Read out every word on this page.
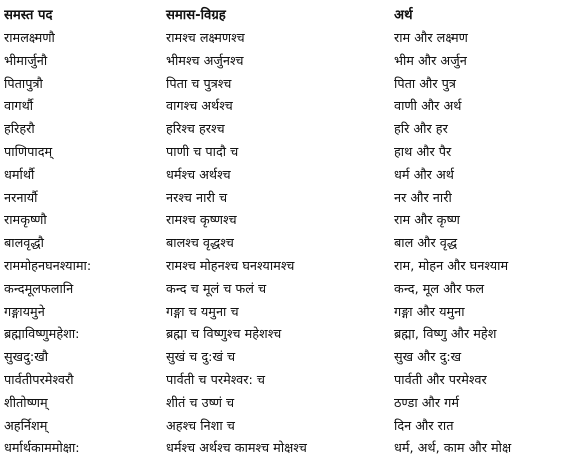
समस्त पद	समास-विग्रह	अर्थ
रामलक्ष्मणौ	रामश्च लक्ष्मणश्च	राम और लक्ष्मण
भीमार्जुनौ	भीमश्च अर्जुनश्च	भीम और अर्जुन
पितापुत्रौ	पिता च पुत्रश्च	पिता और पुत्र
वागर्थौ	वागश्च अर्थश्च	वाणी और अर्थ
हरिहरौ	हरिश्च हरश्च	हरि और हर
पाणिपादम्	पाणी च पादौ च	हाथ और पैर
धर्मार्थौ	धर्मश्च अर्थश्च	धर्म और अर्थ
नरनार्यौ	नरश्च नारी च	नर और नारी
रामकृष्णौ	रामश्च कृष्णश्च	राम और कृष्ण
बालवृद्धौ	बालश्च वृद्धश्च	बाल और वृद्ध
राममोहनघनश्यामा:	रामश्च मोहनश्च घनश्यामश्च	राम, मोहन और घनश्याम
कन्दमूलफलानि	कन्द च मूलं च फलं च	कन्द, मूल और फल
गङ्गायमुने	गङ्गा च यमुना च	गङ्गा और यमुना
ब्रह्माविष्णुमहेशा:	ब्रह्मा च विष्णुश्च महेशश्च	ब्रह्मा, विष्णु और महेश
सुखदु:खौ	सुखं च दु:खं च	सुख और दु:ख
पार्वतीपरमेश्वरौ	पार्वती च परमेश्वर: च	पार्वती और परमेश्वर
शीतोष्णम्	शीतं च उष्णं च	ठण्डा और गर्म
अहर्निशम्	अहश्च निशा च	दिन और रात
धर्मार्थकाममोक्षा:	धर्मश्च अर्थश्च कामश्च मोक्षश्च	धर्म, अर्थ, काम और मोक्ष
